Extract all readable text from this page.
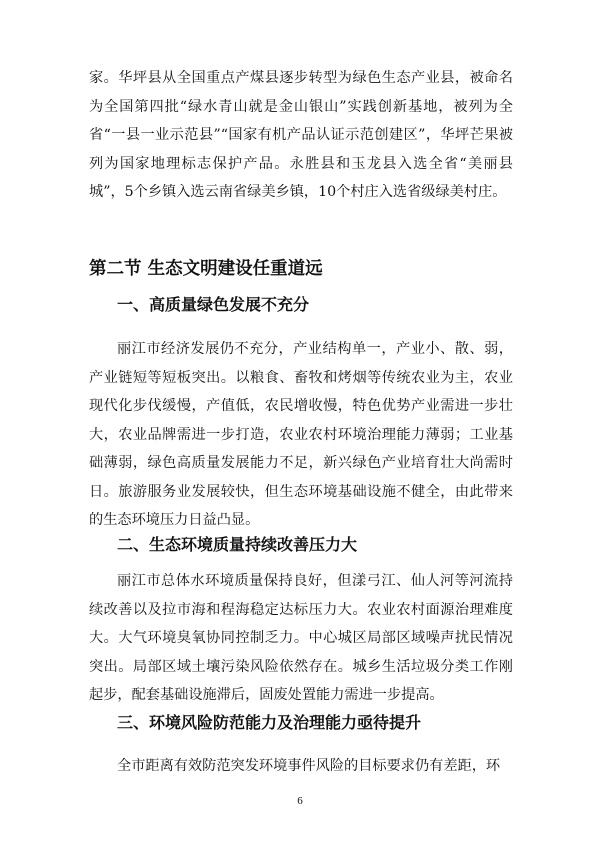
家。华坪县从全国重点产煤县逐步转型为绿色生态产业县，被命名为全国第四批“绿水青山就是金山银山”实践创新基地，被列为全省“一县一业示范县”“国家有机产品认证示范创建区”，华坪芒果被列为国家地理标志保护产品。永胜县和玉龙县入选全省“美丽县城”，5个乡镇入选云南省绿美乡镇，10个村庄入选省级绿美村庄。

第二节 生态文明建设任重道远
一、高质量绿色发展不充分

丽江市经济发展仍不充分，产业结构单一，产业小、散、弱，产业链短等短板突出。以粮食、畜牧和烤烟等传统农业为主，农业现代化步伐缓慢，产值低，农民增收慢，特色优势产业需进一步壮大，农业品牌需进一步打造，农业农村环境治理能力薄弱；工业基础薄弱，绿色高质量发展能力不足，新兴绿色产业培育壮大尚需时日。旅游服务业发展较快，但生态环境基础设施不健全，由此带来的生态环境压力日益凸显。

二、生态环境质量持续改善压力大

丽江市总体水环境质量保持良好，但漾弓江、仙人河等河流持续改善以及拉市海和程海稳定达标压力大。农业农村面源治理难度大。大气环境臭氧协同控制乏力。中心城区局部区域噪声扰民情况突出。局部区域土壤污染风险依然存在。城乡生活垃圾分类工作刚起步，配套基础设施滞后，固废处置能力需进一步提高。

三、环境风险防范能力及治理能力亟待提升

全市距离有效防范突发环境事件风险的目标要求仍有差距，环

6
